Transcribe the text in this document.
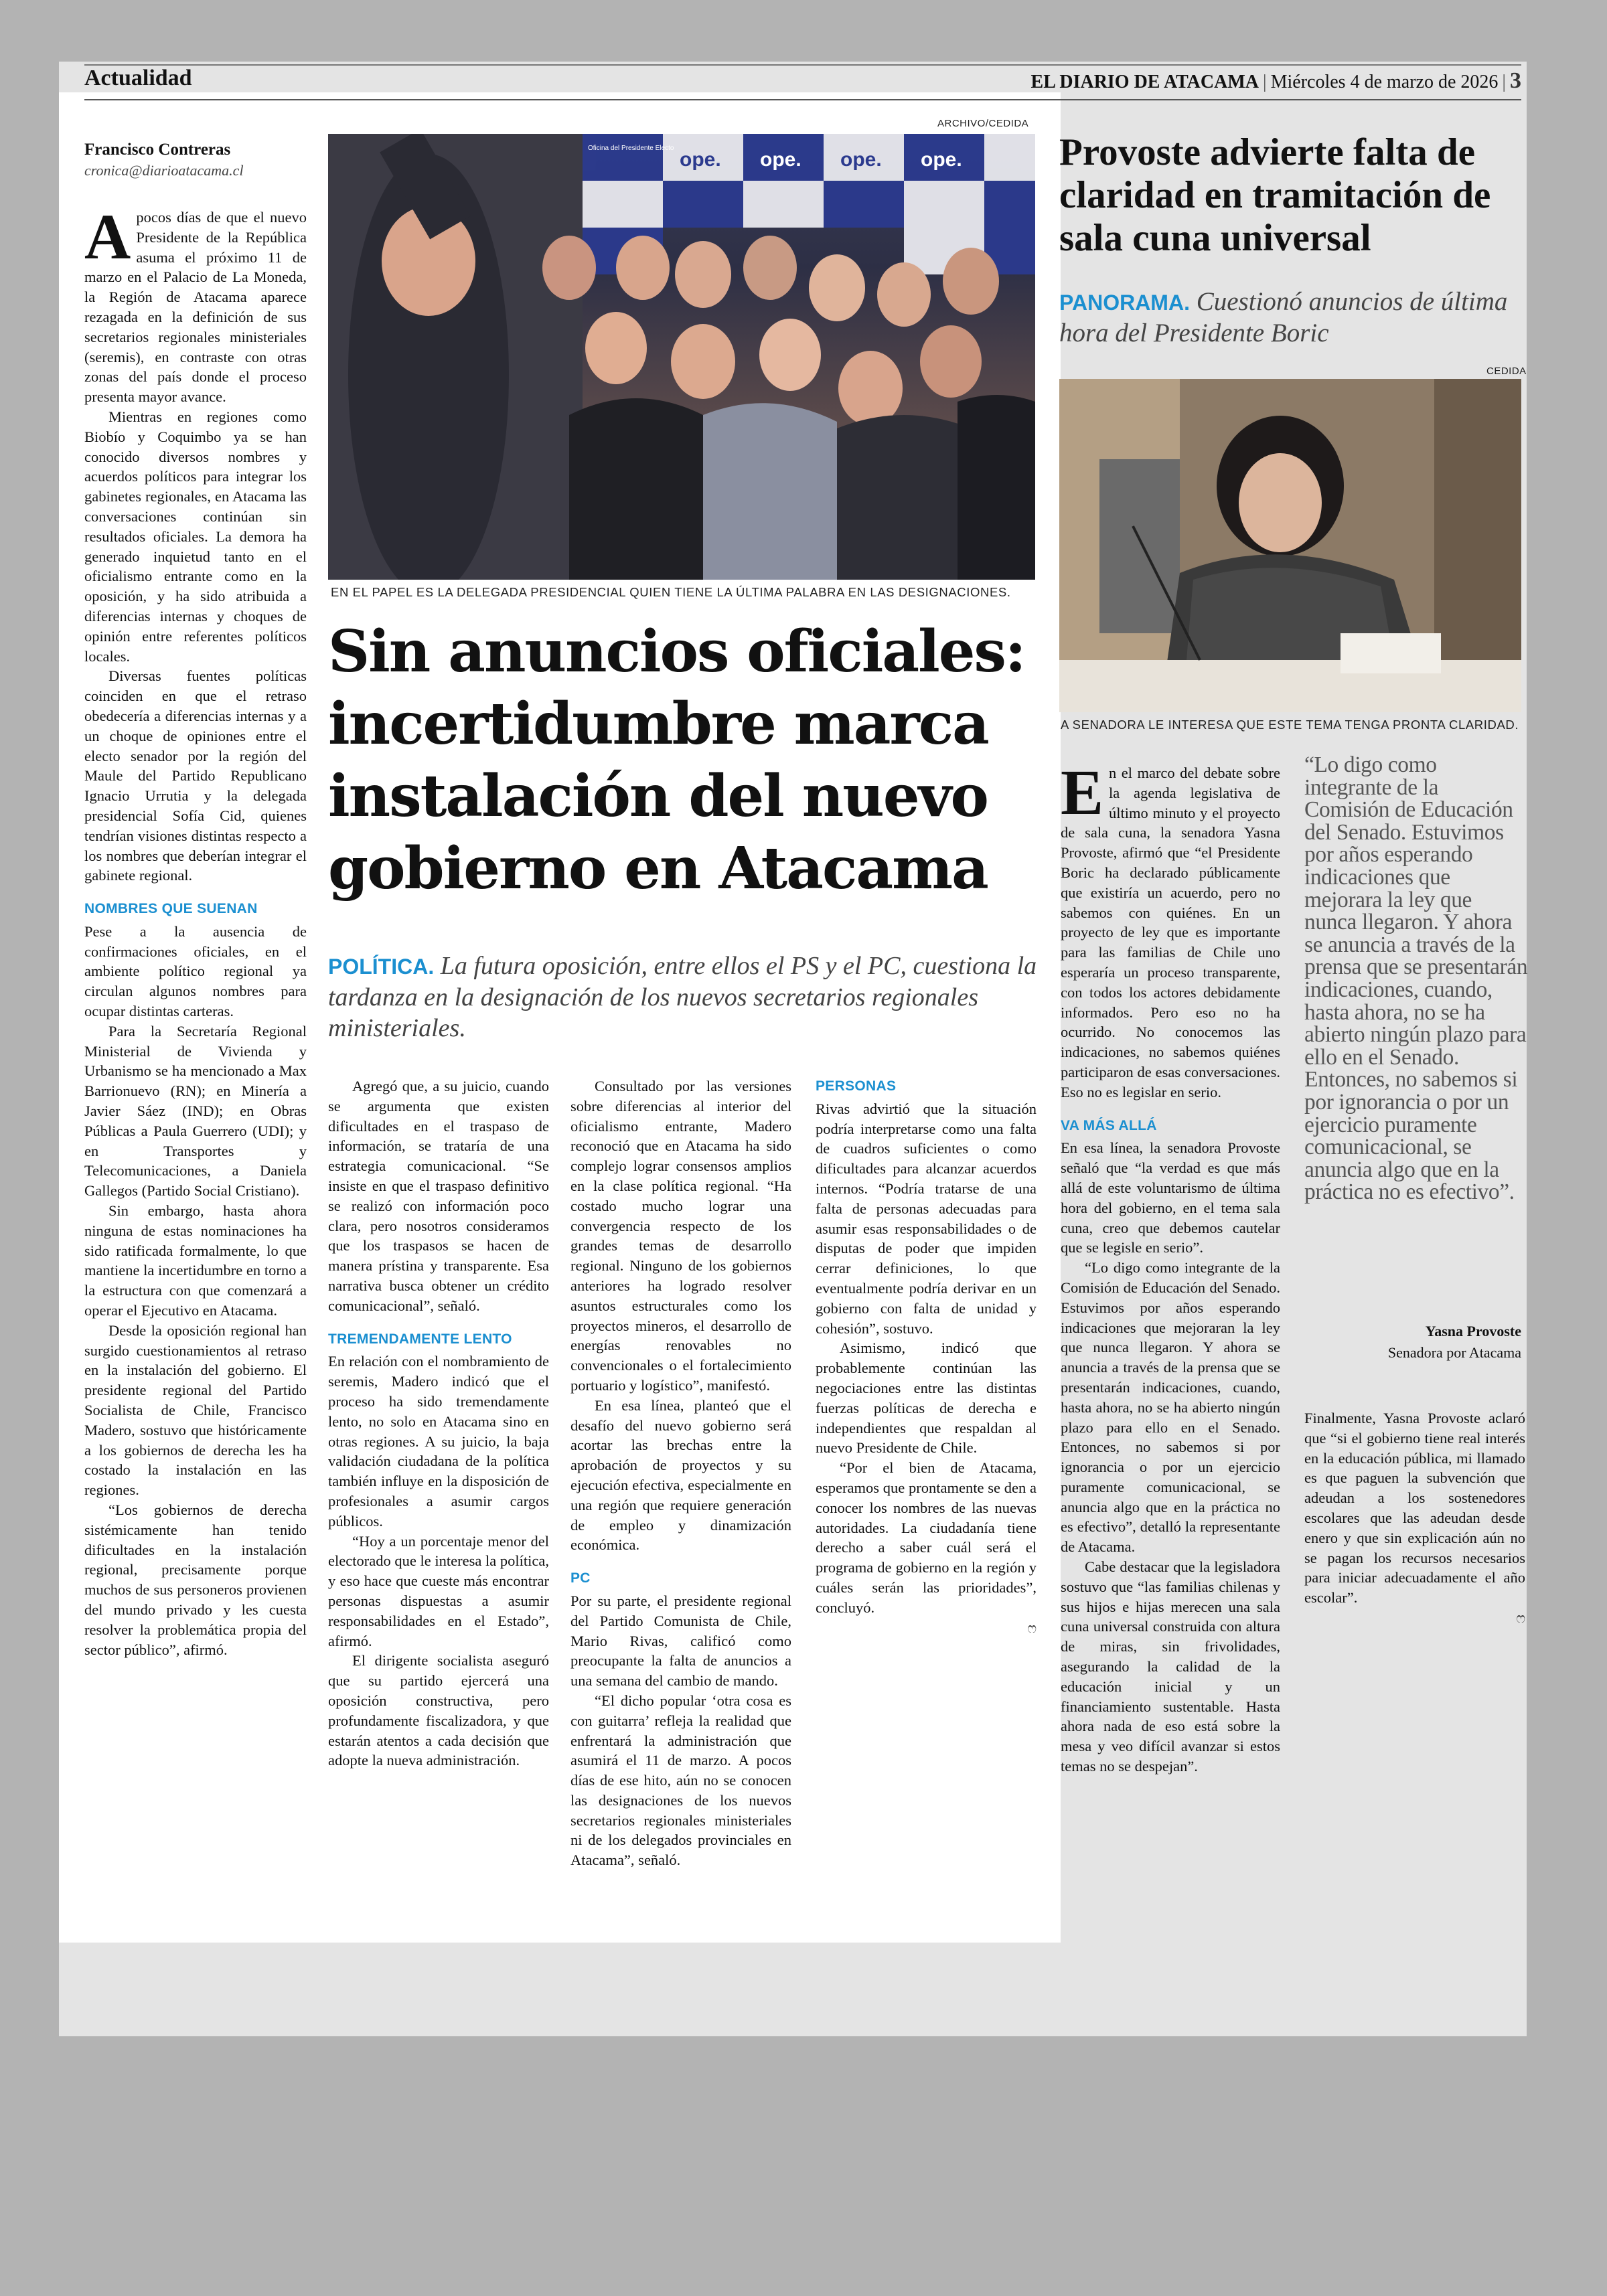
Actualidad	EL DIARIO DE ATACAMA | Miércoles 4 de marzo de 2026 | 3
Francisco Contreras
cronica@diarioatacama.cl
ARCHIVO/CEDIDA
ope. ope. ope. ope.
Oficina del Presidente Electo
EN EL PAPEL ES LA DELEGADA PRESIDENCIAL QUIEN TIENE LA ÚLTIMA PALABRA EN LAS DESIGNACIONES.
Sin anuncios oficiales: incertidumbre marca instalación del nuevo gobierno en Atacama
POLÍTICA. La futura oposición, entre ellos el PS y el PC, cuestiona la tardanza en la designación de los nuevos secretarios regionales ministeriales.

Apocos días de que el nuevo Presidente de la República asuma el próximo 11 de marzo en el Palacio de La Moneda, la Región de Atacama aparece rezagada en la definición de sus secretarios regionales ministeriales (seremis), en contraste con otras zonas del país donde el proceso presenta mayor avance.

Mientras en regiones como Biobío y Coquimbo ya se han conocido diversos nombres y acuerdos políticos para integrar los gabinetes regionales, en Atacama las conversaciones continúan sin resultados oficiales. La demora ha generado inquietud tanto en el oficialismo entrante como en la oposición, y ha sido atribuida a diferencias internas y choques de opinión entre referentes políticos locales.

Diversas fuentes políticas coinciden en que el retraso obedecería a diferencias internas y a un choque de opiniones entre el electo senador por la región del Maule del Partido Republicano Ignacio Urrutia y la delegada presidencial Sofía Cid, quienes tendrían visiones distintas respecto a los nombres que deberían integrar el gabinete regional.

NOMBRES QUE SUENAN

Pese a la ausencia de confirmaciones oficiales, en el ambiente político regional ya circulan algunos nombres para ocupar distintas carteras.

Para la Secretaría Regional Ministerial de Vivienda y Urbanismo se ha mencionado a Max Barrionuevo (RN); en Minería a Javier Sáez (IND); en Obras Públicas a Paula Guerrero (UDI); y en Transportes y Telecomunicaciones, a Daniela Gallegos (Partido Social Cristiano).

Sin embargo, hasta ahora ninguna de estas nominaciones ha sido ratificada formalmente, lo que mantiene la incertidumbre en torno a la estructura con que comenzará a operar el Ejecutivo en Atacama.

Desde la oposición regional han surgido cuestionamientos al retraso en la instalación del gobierno. El presidente regional del Partido Socialista de Chile, Francisco Madero, sostuvo que históricamente a los gobiernos de derecha les ha costado la instalación en las regiones.

“Los gobiernos de derecha sistémicamente han tenido dificultades en la instalación regional, precisamente porque muchos de sus personeros provienen del mundo privado y les cuesta resolver la problemática propia del sector público”, afirmó.

Agregó que, a su juicio, cuando se argumenta que existen dificultades en el traspaso de información, se trataría de una estrategia comunicacional. “Se insiste en que el traspaso definitivo se realizó con información poco clara, pero nosotros consideramos que los traspasos se hacen de manera prístina y transparente. Esa narrativa busca obtener un crédito comunicacional”, señaló.

TREMENDAMENTE LENTO

En relación con el nombramiento de seremis, Madero indicó que el proceso ha sido tremendamente lento, no solo en Atacama sino en otras regiones. A su juicio, la baja validación ciudadana de la política también influye en la disposición de profesionales a asumir cargos públicos.

“Hoy a un porcentaje menor del electorado que le interesa la política, y eso hace que cueste más encontrar personas dispuestas a asumir responsabilidades en el Estado”, afirmó.

El dirigente socialista aseguró que su partido ejercerá una oposición constructiva, pero profundamente fiscalizadora, y que estarán atentos a cada decisión que adopte la nueva administración.

Consultado por las versiones sobre diferencias al interior del oficialismo entrante, Madero reconoció que en Atacama ha sido complejo lograr consensos amplios en la clase política regional. “Ha costado mucho lograr una convergencia respecto de los grandes temas de desarrollo regional. Ninguno de los gobiernos anteriores ha logrado resolver asuntos estructurales como los proyectos mineros, el desarrollo de energías renovables no convencionales o el fortalecimiento portuario y logístico”, manifestó.

En esa línea, planteó que el desafío del nuevo gobierno será acortar las brechas entre la aprobación de proyectos y su ejecución efectiva, especialmente en una región que requiere generación de empleo y dinamización económica.

PC

Por su parte, el presidente regional del Partido Comunista de Chile, Mario Rivas, calificó como preocupante la falta de anuncios a una semana del cambio de mando.

“El dicho popular ‘otra cosa es con guitarra’ refleja la realidad que enfrentará la administración que asumirá el 11 de marzo. A pocos días de ese hito, aún no se conocen las designaciones de los nuevos secretarios regionales ministeriales ni de los delegados provinciales en Atacama”, señaló.

PERSONAS

Rivas advirtió que la situación podría interpretarse como una falta de cuadros suficientes o como dificultades para alcanzar acuerdos internos. “Podría tratarse de una falta de personas adecuadas para asumir esas responsabilidades o de disputas de poder que impiden cerrar definiciones, lo que eventualmente podría derivar en un gobierno con falta de unidad y cohesión”, sostuvo.

Asimismo, indicó que probablemente continúan las negociaciones entre las distintas fuerzas políticas de derecha e independientes que respaldan al nuevo Presidente de Chile.

“Por el bien de Atacama, esperamos que prontamente se den a conocer los nombres de las nuevas autoridades. La ciudadanía tiene derecho a saber cuál será el programa de gobierno en la región y cuáles serán las prioridades”, concluyó.

ෆ
Provoste advierte falta de claridad en tramitación de sala cuna universal
PANORAMA. Cuestionó anuncios de última hora del Presidente Boric
CEDIDA
A SENADORA LE INTERESA QUE ESTE TEMA TENGA PRONTA CLARIDAD.

En el marco del debate sobre la agenda legislativa de último minuto y el proyecto de sala cuna, la senadora Yasna Provoste, afirmó que “el Presidente Boric ha declarado públicamente que existiría un acuerdo, pero no sabemos con quiénes. En un proyecto de ley que es importante para las familias de Chile uno esperaría un proceso transparente, con todos los actores debidamente informados. Pero eso no ha ocurrido. No conocemos las indicaciones, no sabemos quiénes participaron de esas conversaciones. Eso no es legislar en serio.

VA MÁS ALLÁ

En esa línea, la senadora Provoste señaló que “la verdad es que más allá de este voluntarismo de última hora del gobierno, en el tema sala cuna, creo que debemos cautelar que se legisle en serio”.

“Lo digo como integrante de la Comisión de Educación del Senado. Estuvimos por años esperando indicaciones que mejoraran la ley que nunca llegaron. Y ahora se anuncia a través de la prensa que se presentarán indicaciones, cuando, hasta ahora, no se ha abierto ningún plazo para ello en el Senado. Entonces, no sabemos si por ignorancia o por un ejercicio puramente comunicacional, se anuncia algo que en la práctica no es efectivo”, detalló la representante de Atacama.

Cabe destacar que la legisladora sostuvo que “las familias chilenas y sus hijos e hijas merecen una sala cuna universal construida con altura de miras, sin frivolidades, asegurando la calidad de la educación inicial y un financiamiento sustentable. Hasta ahora nada de eso está sobre la mesa y veo difícil avanzar si estos temas no se despejan”.

“Lo digo como integrante de la Comisión de Educación del Senado. Estuvimos por años esperando indicaciones que mejorara la ley que nunca llegaron. Y ahora se anuncia a través de la prensa que se presentarán indicaciones, cuando, hasta ahora, no se ha abierto ningún plazo para ello en el Senado. Entonces, no sabemos si por ignorancia o por un ejercicio puramente comunicacional, se anuncia algo que en la práctica no es efectivo”.
Yasna Provoste
Senadora por Atacama

Finalmente, Yasna Provoste aclaró que “si el gobierno tiene real interés en la educación pública, mi llamado es que paguen la subvención que adeudan a los sostenedores escolares que las adeudan desde enero y que sin explicación aún no se pagan los recursos necesarios para iniciar adecuadamente el año escolar”.

ෆ
